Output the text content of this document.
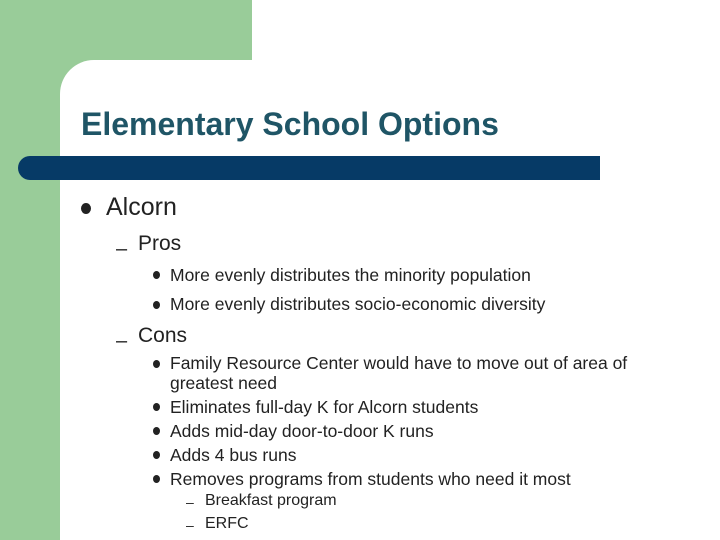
Elementary School Options
Alcorn
– Pros
More evenly distributes the minority population
More evenly distributes socio-economic diversity
– Cons
Family Resource Center would have to move out of area of
greatest need
Eliminates full-day K for Alcorn students
Adds mid-day door-to-door K runs
Adds 4 bus runs
Removes programs from students who need it most
– Breakfast program
– ERFC
